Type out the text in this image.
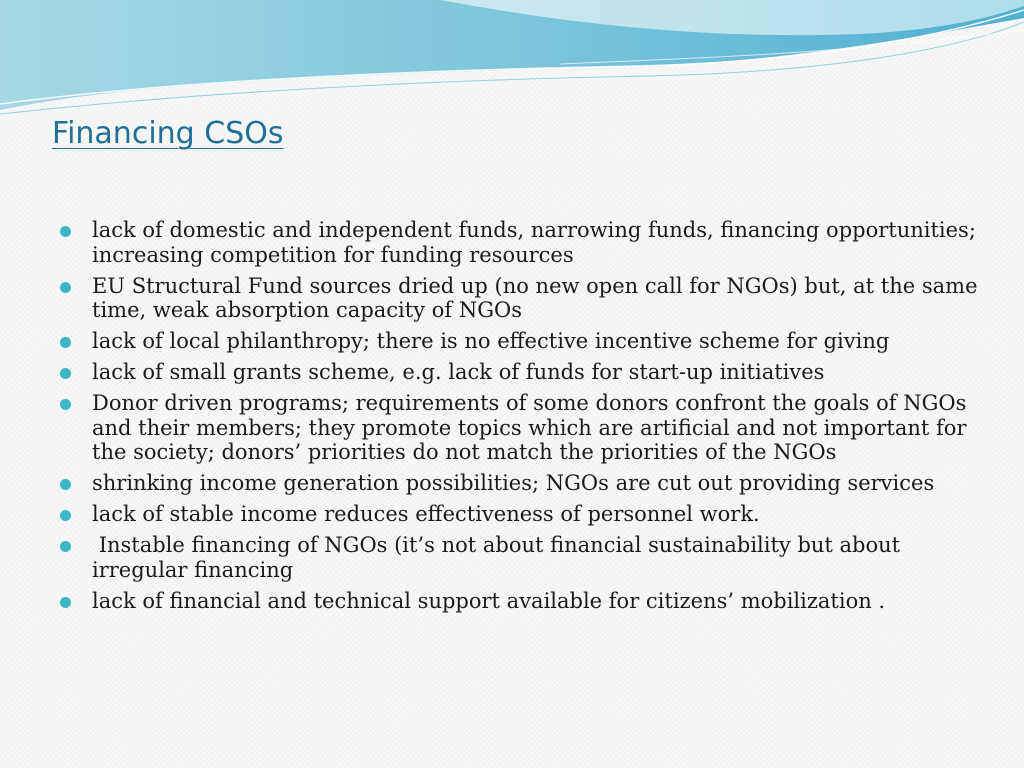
Financing CSOs
lack of domestic and independent funds, narrowing funds, financing opportunities; increasing competition for funding resources
EU Structural Fund sources dried up (no new open call for NGOs) but, at the same time, weak absorption capacity of NGOs
lack of local philanthropy; there is no effective incentive scheme for giving
lack of small grants scheme, e.g. lack of funds for start-up initiatives
Donor driven programs; requirements of some donors confront the goals of NGOs and their members; they promote topics which are artificial and not important for the society; donors’ priorities do not match the priorities of the NGOs
shrinking income generation possibilities; NGOs are cut out providing services
lack of stable income reduces effectiveness of personnel work.
Instable financing of NGOs (it’s not about financial sustainability but about irregular financing
lack of financial and technical support available for citizens’ mobilization .
